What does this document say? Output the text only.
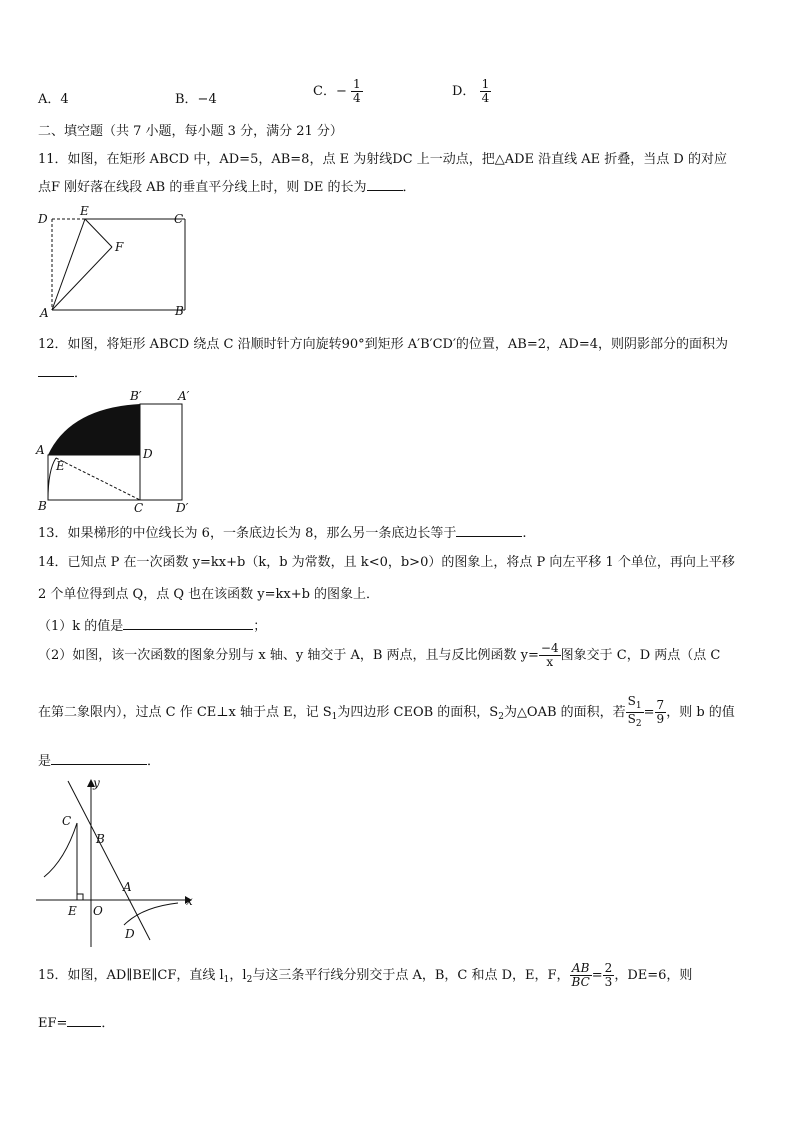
A．4	B．−4
C．− $\frac{1}{4}$	D． $\frac{1}{4}$
二、填空题（共 7 小题，每小题 3 分，满分 21 分）
11．如图，在矩形 ABCD 中，AD=5，AB=8，点 E 为射线DC 上一动点，把△ADE 沿直线 AE 折叠，当点 D 的对应
点F 刚好落在线段 AB 的垂直平分线上时，则 DE 的长为	．
D
E
C
F
A	B
12．如图，将矩形 ABCD 绕点 C 沿顺时针方向旋转90°到矩形 A′B′CD′的位置，AB=2，AD=4，则阴影部分的面积为
．
B′	A′
A
E
D
B	C	D′
13．如果梯形的中位线长为 6，一条底边长为 8，那么另一条底边长等于	.
14．已知点 P 在一次函数 y=kx+b（k，b 为常数，且 k<0，b>0）的图象上，将点 P 向左平移 1 个单位，再向上平移
2 个单位得到点 Q，点 Q 也在该函数 y=kx+b 的图象上．
（1）k 的值是	；
（2）如图，该一次函数的图象分别与 x 轴、y 轴交于 A，B 两点，且与反比例函数 $y= \frac{-4}{x}$ 图象交于 C，D 两点（点 C
在第二象限内），过点 C 作 CE⊥x 轴于点 E，记 $S_1$为四边形 CEOB 的面积，$S_2$为△OAB 的面积，若 $\frac{S_1}{S_2} = \frac{7}{9}$ ，则 b 的值
是	．
y
x
C
B
A
E O
D
15．如图，AD∥BE∥CF，直线 $l_1$，$l_2$与这三条平行线分别交于点 A，B，C 和点 D，E，F， $\frac{AB}{BC} = \frac{2}{3}$ ，DE=6，则
EF=	．
